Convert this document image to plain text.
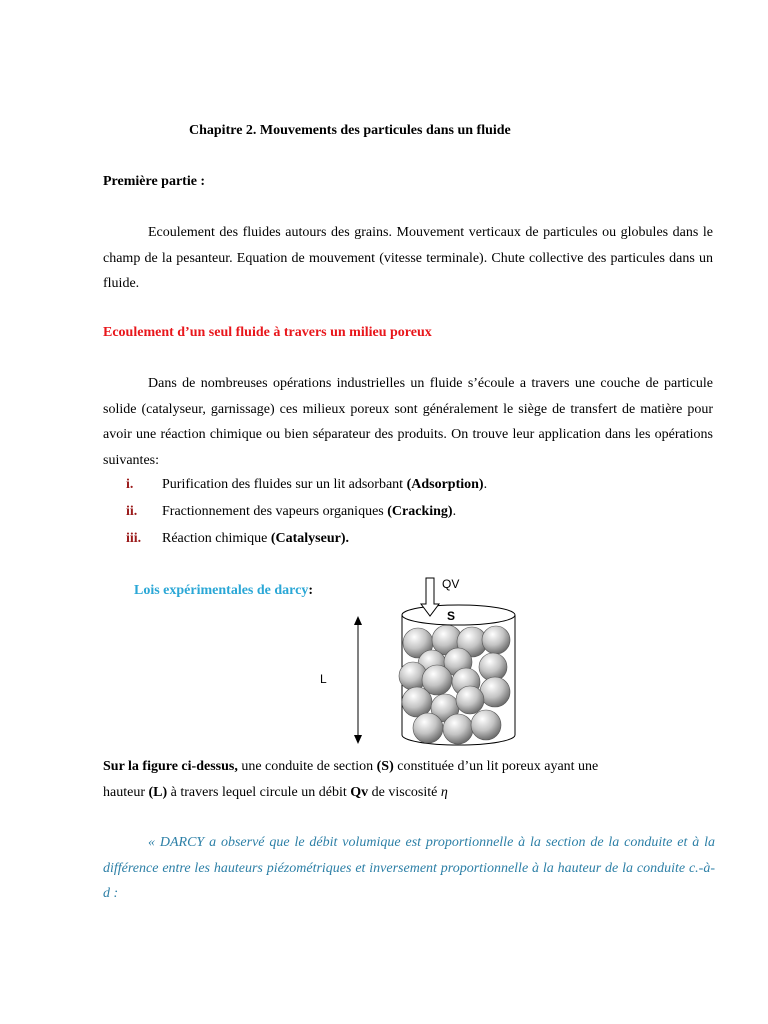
Chapitre 2. Mouvements des particules dans un fluide
Première partie :

Ecoulement des fluides autours des grains. Mouvement verticaux de particules ou globules dans le champ de la pesanteur. Equation de mouvement (vitesse terminale). Chute collective des particules dans un fluide.

Ecoulement d’un seul fluide à travers un milieu poreux

Dans de nombreuses opérations industrielles un fluide s’écoule a travers une couche de particule solide (catalyseur, garnissage) ces milieux poreux sont généralement le siège de transfert de matière pour avoir une réaction chimique ou bien séparateur des produits. On trouve leur application dans les opérations suivantes:

i. Purification des fluides sur un lit adsorbant (Adsorption).
ii. Fractionnement des vapeurs organiques (Cracking).
iii. Réaction chimique (Catalyseur).
Lois expérimentales de darcy:
L
S
QV
Sur la figure ci-dessus, une conduite de section (S) constituée d’un lit poreux ayant une
hauteur (L) à travers lequel circule un débit Qv de viscosité η

« DARCY a observé que le débit volumique est proportionnelle à la section de la conduite et à la différence entre les hauteurs piézométriques et inversement proportionnelle à la hauteur de la conduite c.-à-d :
